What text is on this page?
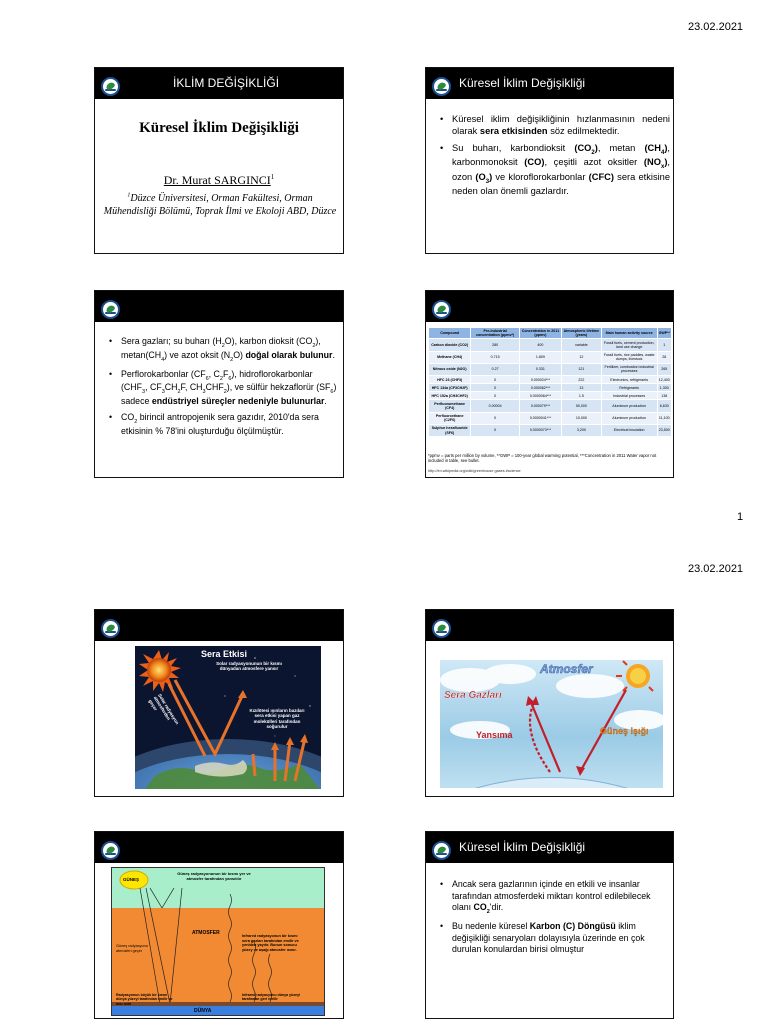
23.02.2021
İKLİM DEĞİŞİKLİĞİ
Küresel İklim Değişikliği
Dr. Murat SARGINCI$^1$
$^1$Düzce Üniversitesi, Orman Fakültesi, Orman Mühendisliği Bölümü, Toprak İlmi ve Ekoloji ABD, Düzce
Küresel İklim Değişikliği
• Küresel iklim değişikliğinin hızlanmasının nedeni olarak sera etkisinden söz edilmektedir.
• Su buharı, karbondioksit $(CO_2)$, metan $(CH_4)$, karbonmonoksit (CO), çeşitli azot oksitler $(NO_x)$, ozon $(O_3)$ ve kloroflorokarbonlar (CFC) sera etkisine neden olan önemli gazlardır.
• Sera gazları; su buharı $(H_2O)$, karbon dioksit $(CO_2)$, $metan(CH_4)$ ve azot oksit $(N_2O)$ doğal olarak bulunur.
• Perflorokarbonlar ($CF_6$, $C_2F_6$), hidroflorokarbonlar ($CHF_3$, $CF_3CH_2F$, $CH_3CHF_2$), ve sülfür hekzaflorür $(SF_6)$ sadece endüstriyel süreçler nedeniyle bulunurlar.
• $CO_2$ birincil antropojenik sera gazıdır, 2010'da sera etkisinin % 78'ini oluşturduğu ölçülmüştür.
Compound	Pre-industrial concentration (ppmv*)	Concentration in 2011 (ppmv)	Atmospheric lifetime (years)	Main human activity source	GWP**
Carbon dioxide (CO2)	280	400	variable	Fossil fuels, cement production, land use change	1
Methane (CH4)	0.715	1.809	12	Fossil fuels, rice paddies, waste dumps, livestock	28
Nitrous oxide (N2O)	0.27	0.331	121	Fertilizer, combustion industrial processes	265
HFC 23 (CHF3)	0	0.000024***	222	Electronics, refrigerants	12,400
HFC 134a (CF3CH2F)	0	0.000062***	13	Refrigerants	1,300
HFC 152a (CH3CHF2)	0	0.0000064***	1.5	Industrial processes	138
Perfluoromethane (CF4)	0.00004	0.000079***	50,000	Aluminum production	6,630
Perfluoroethane (C2F6)	0	0.0000041***	10,000	Aluminum production	11,100
Sulphur hexafluoride (SF6)	0	0.0000073***	3,200	Electrical insulation	23,500
*ppmv = parts per million by volume, **GWP = 100-year global warming potential, ***Concentration in 2011 Water vapor not included in table, see bullet.
http://en.wikipedia.org/wiki/greenhouse gases #science
1
23.02.2021
Sera Etkisi
Solar radyasyonunun bir kısmı dünyadan atmosfere yansır
Solar radyasyon atmosferden geçer	Kızılötesi ışınların bazıları sera etkisi yapan gaz molekülleri tarafından soğurulur
Atmosfer
Sera Gazları
Yansıma	Güneş Işığı
GÜNEŞ
Güneş radyasyonunun bir kısmı yer ve atmosfer tarafından yansıtılır
ATMOSFER
Güneş radyasyonu atmosferi geçer
Infrared radyasyonun bir kısmı sera gazları tarafından emilir ve yeniden yayılır. Bunun sonucu yüzey ve aşağı atmosfer ısınır.
Radyasyonun büyük bir kısmı dünya yüzeyi tarafından emilir ve onu ısıtır
DÜNYA
Infrared radyasyonu dünya yüzeyi tarafından geri verilir
Küresel İklim Değişikliği
• Ancak sera gazlarının içinde en etkili ve insanlar tarafından atmosferdeki miktarı kontrol edilebilecek olanı $CO_2'dir$.
• Bu nedenle küresel Karbon (C) Döngüsü iklim değişikliği senaryoları dolayısıyla üzerinde en çok durulan konulardan birisi olmuştur
